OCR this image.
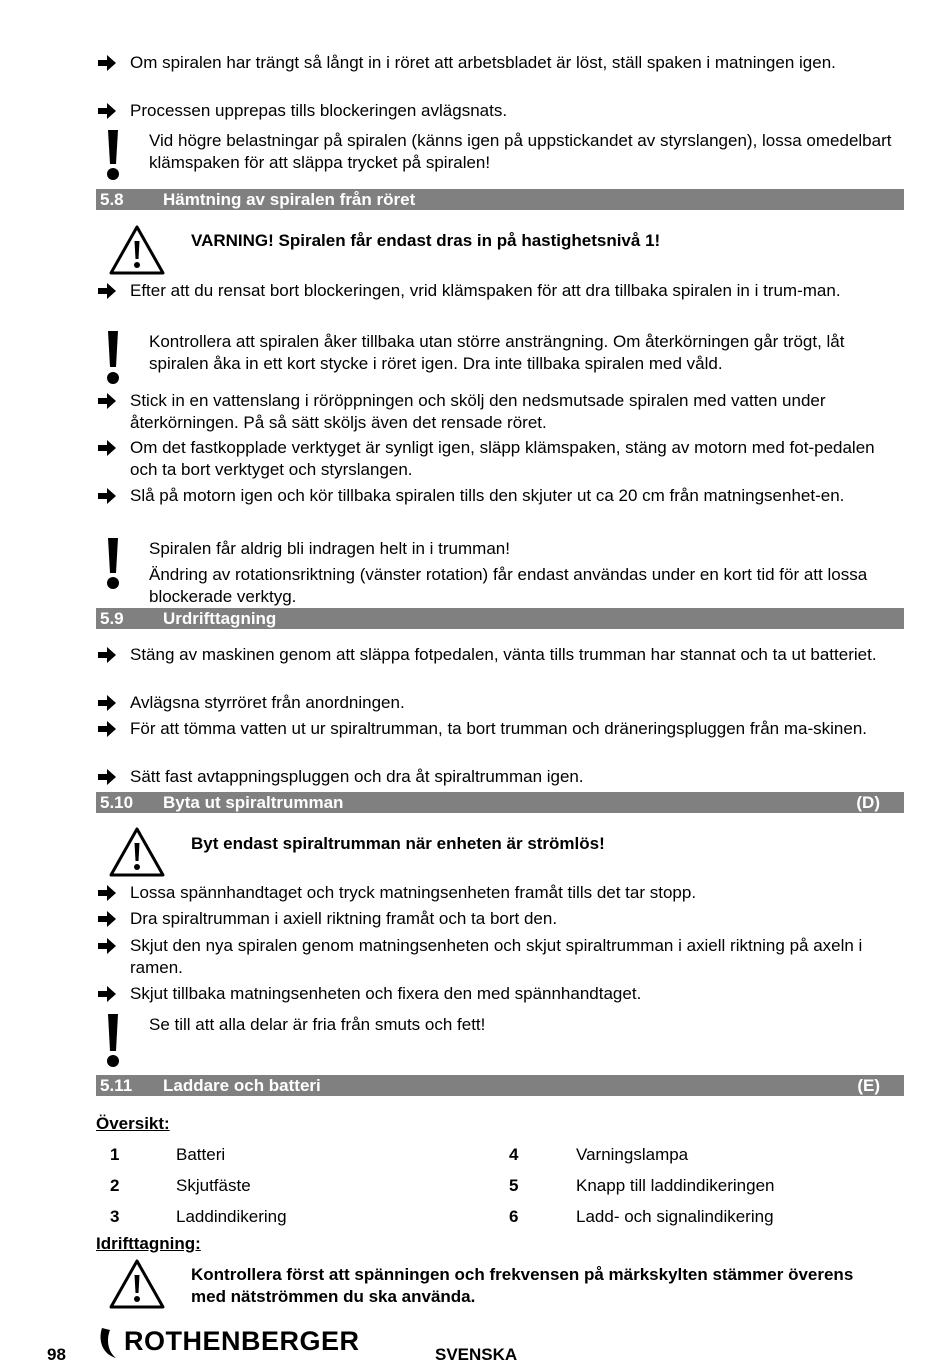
Om spiralen har trängt så långt in i röret att arbetsbladet är löst, ställ spaken i matningen igen.
Processen upprepas tills blockeringen avlägsnats.
Vid högre belastningar på spiralen (känns igen på uppstickandet av styrslangen), lossa omedelbart klämspaken för att släppa trycket på spiralen!
5.8 Hämtning av spiralen från röret
VARNING! Spiralen får endast dras in på hastighetsnivå 1!
Efter att du rensat bort blockeringen, vrid klämspaken för att dra tillbaka spiralen in i trum-man.
Kontrollera att spiralen åker tillbaka utan större ansträngning. Om återkörningen går trögt, låt spiralen åka in ett kort stycke i röret igen. Dra inte tillbaka spiralen med våld.
Stick in en vattenslang i röröppningen och skölj den nedsmutsade spiralen med vatten under återkörningen. På så sätt sköljs även det rensade röret.
Om det fastkopplade verktyget är synligt igen, släpp klämspaken, stäng av motorn med fot-pedalen och ta bort verktyget och styrslangen.
Slå på motorn igen och kör tillbaka spiralen tills den skjuter ut ca 20 cm från matningsenhet-en.
Spiralen får aldrig bli indragen helt in i trumman!
Ändring av rotationsriktning (vänster rotation) får endast användas under en kort tid för att lossa blockerade verktyg.
5.9 Urdrifttagning
Stäng av maskinen genom att släppa fotpedalen, vänta tills trumman har stannat och ta ut batteriet.
Avlägsna styrröret från anordningen.
För att tömma vatten ut ur spiraltrumman, ta bort trumman och dräneringspluggen från ma-skinen.
Sätt fast avtappningspluggen och dra åt spiraltrumman igen.
5.10 Byta ut spiraltrumman	(D)
Byt endast spiraltrumman när enheten är strömlös!
Lossa spännhandtaget och tryck matningsenheten framåt tills det tar stopp.
Dra spiraltrumman i axiell riktning framåt och ta bort den.
Skjut den nya spiralen genom matningsenheten och skjut spiraltrumman i axiell riktning på axeln i ramen.
Skjut tillbaka matningsenheten och fixera den med spännhandtaget.
Se till att alla delar är fria från smuts och fett!
5.11 Laddare och batteri	(E)
Översikt:
1	Batteri	4	Varningslampa
2	Skjutfäste	5	Knapp till laddindikeringen
3	Laddindikering	6	Ladd- och signalindikering
Idrifttagning:
Kontrollera först att spänningen och frekvensen på märkskylten stämmer överens med nätströmmen du ska använda.
98 ROTHENBERGER	SVENSKA
